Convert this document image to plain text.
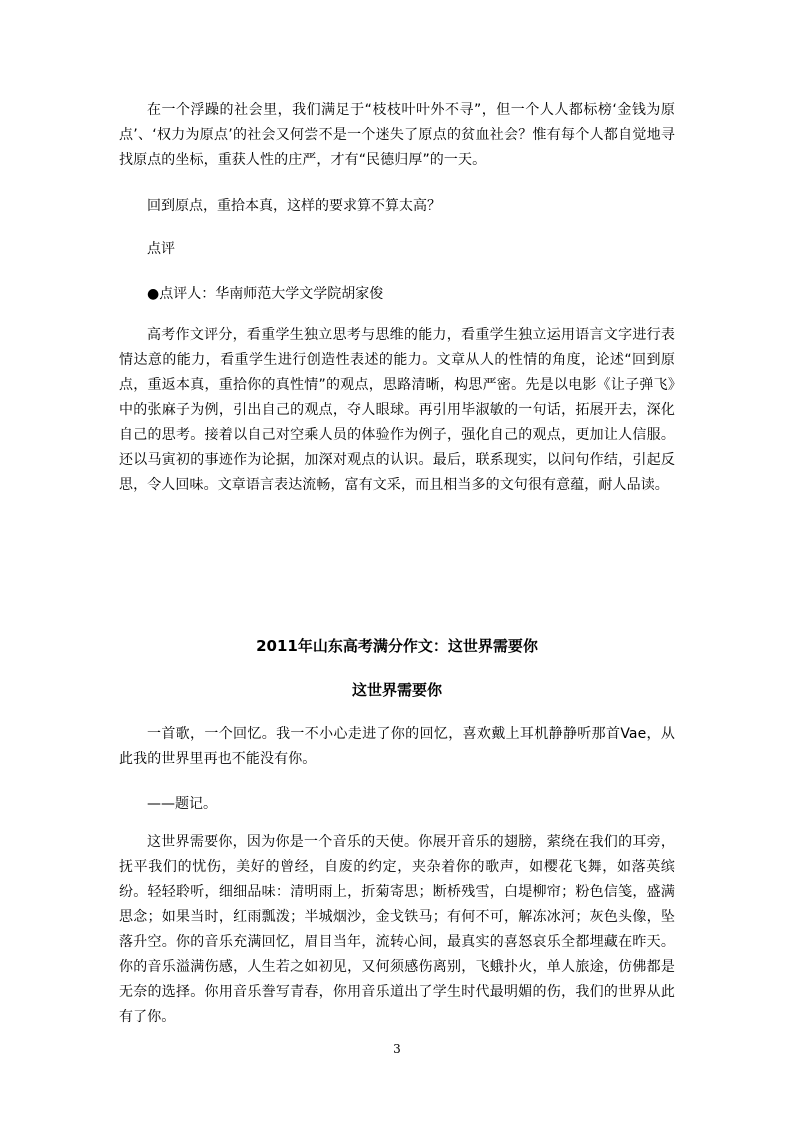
在一个浮躁的社会里，我们满足于“枝枝叶叶外不寻”，但一个人人都标榜‘金钱为原点’、‘权力为原点’的社会又何尝不是一个迷失了原点的贫血社会？惟有每个人都自觉地寻找原点的坐标，重获人性的庄严，才有“民德归厚”的一天。

回到原点，重拾本真，这样的要求算不算太高？

点评

●点评人：华南师范大学文学院胡家俊

高考作文评分，看重学生独立思考与思维的能力，看重学生独立运用语言文字进行表情达意的能力，看重学生进行创造性表述的能力。文章从人的性情的角度，论述“回到原点，重返本真，重拾你的真性情”的观点，思路清晰，构思严密。先是以电影《让子弹飞》中的张麻子为例，引出自己的观点，夺人眼球。再引用毕淑敏的一句话，拓展开去，深化自己的思考。接着以自己对空乘人员的体验作为例子，强化自己的观点，更加让人信服。还以马寅初的事迹作为论据，加深对观点的认识。最后，联系现实，以问句作结，引起反思，令人回味。文章语言表达流畅，富有文采，而且相当多的文句很有意蕴，耐人品读。

2011年山东高考满分作文：这世界需要你

这世界需要你

一首歌，一个回忆。我一不小心走进了你的回忆，喜欢戴上耳机静静听那首Vae，从此我的世界里再也不能没有你。

——题记。

这世界需要你，因为你是一个音乐的天使。你展开音乐的翅膀，萦绕在我们的耳旁，抚平我们的忧伤，美好的曾经，自废的约定，夹杂着你的歌声，如樱花飞舞，如落英缤纷。轻轻聆听，细细品味：清明雨上，折菊寄思；断桥残雪，白堤柳帘；粉色信笺，盛满思念；如果当时，红雨瓢泼；半城烟沙，金戈铁马；有何不可，解冻冰河；灰色头像，坠落升空。你的音乐充满回忆，眉目当年，流转心间，最真实的喜怒哀乐全都埋藏在昨天。你的音乐溢满伤感，人生若之如初见，又何须感伤离别，飞蛾扑火，单人旅途，仿佛都是无奈的选择。你用音乐誊写青春，你用音乐道出了学生时代最明媚的伤，我们的世界从此有了你。

3
